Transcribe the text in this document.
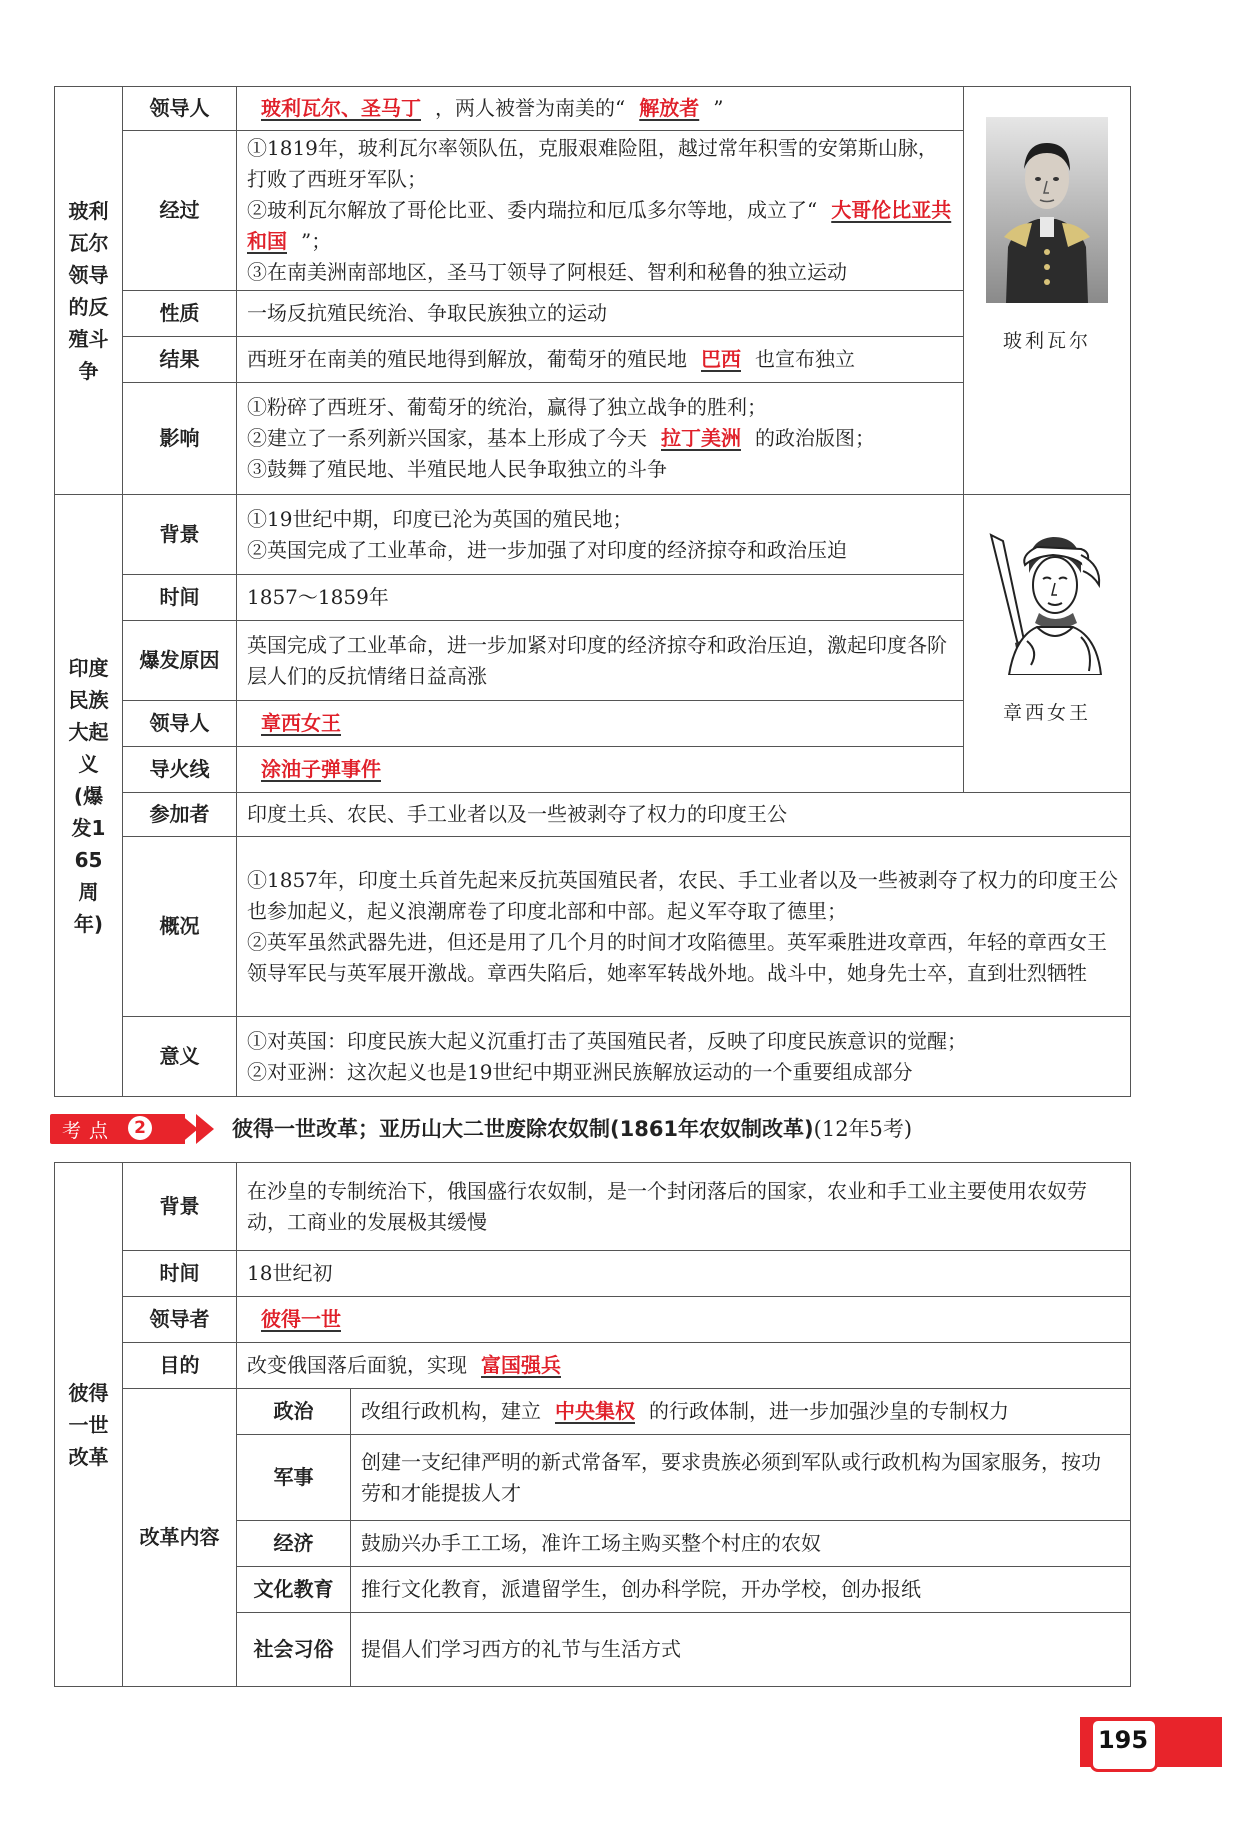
玻利瓦尔领导的反殖斗争	领导人	玻利瓦尔、圣马丁 ，两人被誉为南美的“ 解放者 ”	玻利瓦尔

	经过	①1819年，玻利瓦尔率领队伍，克服艰难险阻，越过常年积雪的安第斯山脉，打败了西班牙军队；
②玻利瓦尔解放了哥伦比亚、委内瑞拉和厄瓜多尔等地，成立了“ 大哥伦比亚共和国 ”；
③在南美洲南部地区，圣马丁领导了阿根廷、智利和秘鲁的独立运动	

	性质	一场反抗殖民统治、争取民族独立的运动	
	结果	西班牙在南美的殖民地得到解放，葡萄牙的殖民地 巴西 也宣布独立	
	影响	①粉碎了西班牙、葡萄牙的统治，赢得了独立战争的胜利；
②建立了一系列新兴国家，基本上形成了今天 拉丁美洲 的政治版图；
③鼓舞了殖民地、半殖民地人民争取独立的斗争	

印度民族大起义(爆发165周年)	背景	①19世纪中期，印度已沦为英国的殖民地；
②英国完成了工业革命，进一步加强了对印度的经济掠夺和政治压迫	章西女王

	时间	1857～1859年	
	爆发原因	英国完成了工业革命，进一步加紧对印度的经济掠夺和政治压迫，激起印度各阶层人们的反抗情绪日益高涨	
	领导人	章西女王	
	导火线	涂油子弹事件	
	参加者	印度土兵、农民、手工业者以及一些被剥夺了权力的印度王公	
	概况	①1857年，印度土兵首先起来反抗英国殖民者，农民、手工业者以及一些被剥夺了权力的印度王公也参加起义，起义浪潮席卷了印度北部和中部。起义军夺取了德里；
②英军虽然武器先进，但还是用了几个月的时间才攻陷德里。英军乘胜进攻章西，年轻的章西女王领导军民与英军展开激战。章西失陷后，她率军转战外地。战斗中，她身先士卒，直到壮烈牺牲	

	意义	①对英国：印度民族大起义沉重打击了英国殖民者，反映了印度民族意识的觉醒；
②对亚洲：这次起义也是19世纪中期亚洲民族解放运动的一个重要组成部分	
考点	2	彼得一世改革；亚历山大二世废除农奴制(1861年农奴制改革)(12年5考)
彼得一世改革	背景	在沙皇的专制统治下，俄国盛行农奴制，是一个封闭落后的国家，农业和手工业主要使用农奴劳动，工商业的发展极其缓慢	
	时间	18世纪初	
	领导者	彼得一世	
	目的	改变俄国落后面貌，实现 富国强兵	
	改革内容	政治	改组行政机构，建立 中央集权 的行政体制，进一步加强沙皇的专制权力
		军事	创建一支纪律严明的新式常备军，要求贵族必须到军队或行政机构为国家服务，按功劳和才能提拔人才
		经济	鼓励兴办手工工场，准许工场主购买整个村庄的农奴
		文化教育	推行文化教育，派遣留学生，创办科学院，开办学校，创办报纸
		社会习俗	提倡人们学习西方的礼节与生活方式
195
